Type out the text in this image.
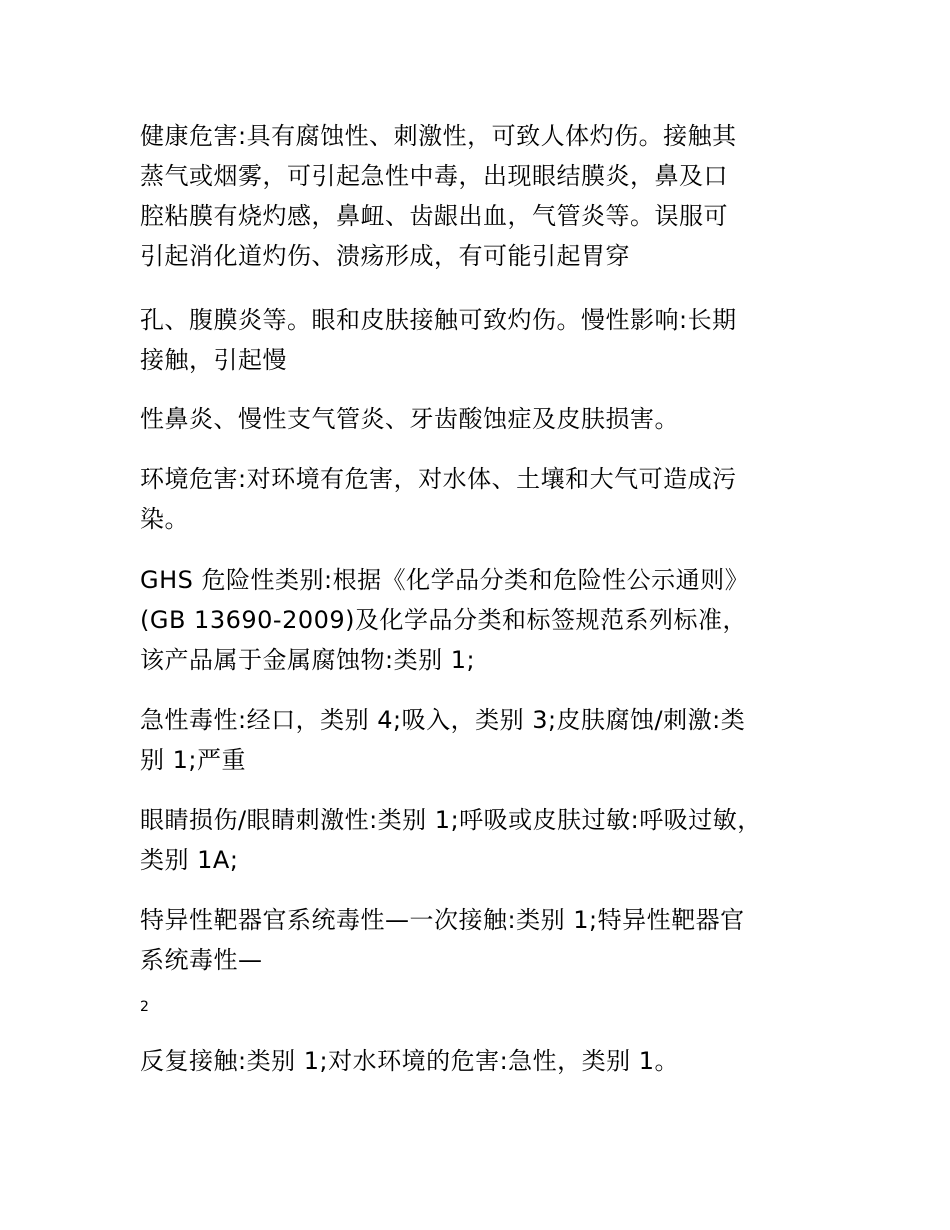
健康危害:具有腐蚀性、刺激性，可致人体灼伤。接触其
蒸气或烟雾，可引起急性中毒，出现眼结膜炎，鼻及口
腔粘膜有烧灼感，鼻衄、齿龈出血，气管炎等。误服可
引起消化道灼伤、溃疡形成，有可能引起胃穿
孔、腹膜炎等。眼和皮肤接触可致灼伤。慢性影响:长期
接触，引起慢
性鼻炎、慢性支气管炎、牙齿酸蚀症及皮肤损害。
环境危害:对环境有危害，对水体、土壤和大气可造成污
染。
GHS 危险性类别:根据《化学品分类和危险性公示通则》
(GB 13690-2009)及化学品分类和标签规范系列标准，
该产品属于金属腐蚀物:类别 1;
急性毒性:经口，类别 4;吸入，类别 3;皮肤腐蚀/刺激:类
别 1;严重
眼睛损伤/眼睛刺激性:类别 1;呼吸或皮肤过敏:呼吸过敏，
类别 1A;
特异性靶器官系统毒性—一次接触:类别 1;特异性靶器官
系统毒性—
2
反复接触:类别 1;对水环境的危害:急性，类别 1。
